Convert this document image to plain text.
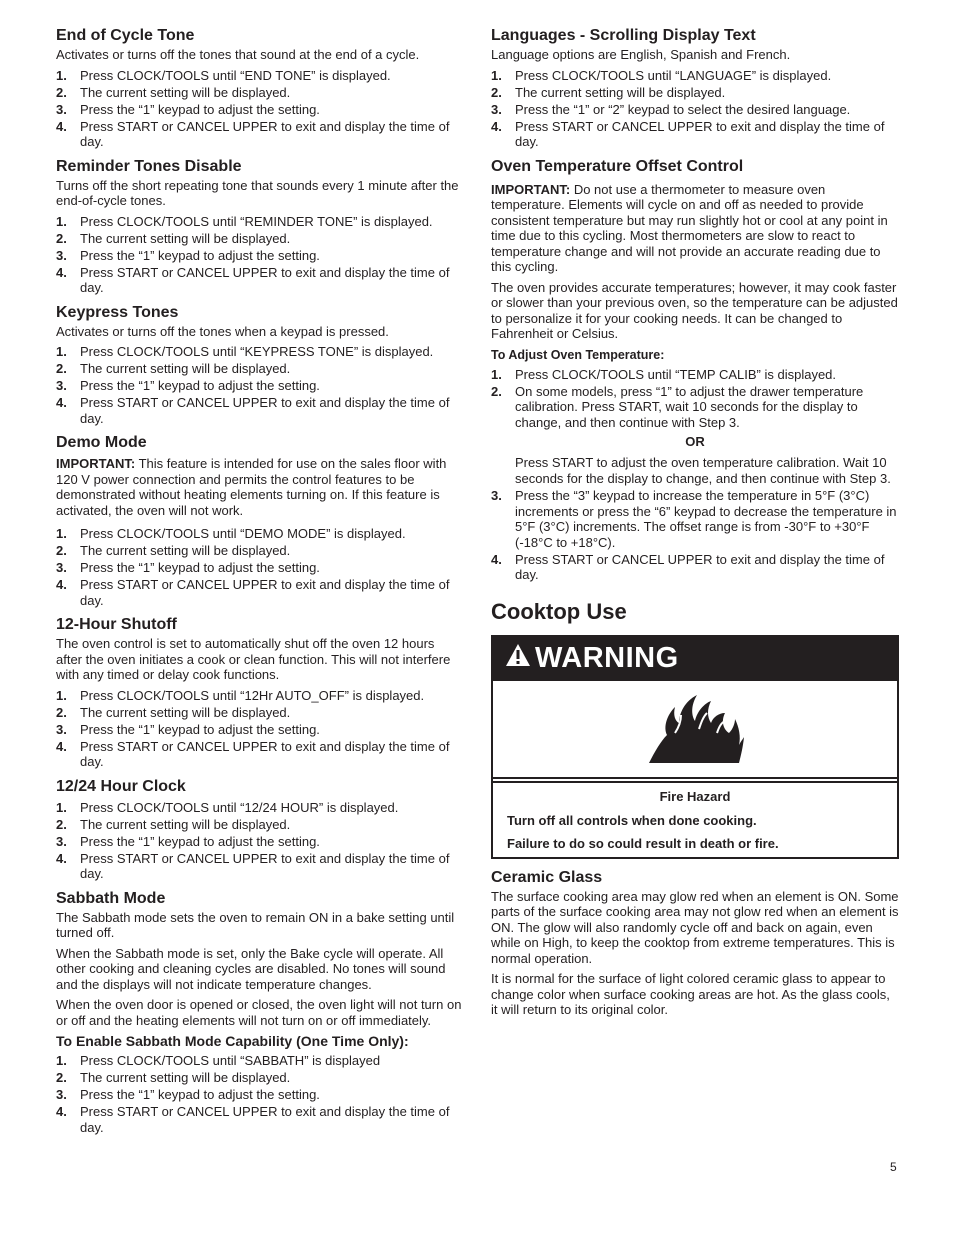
End of Cycle Tone

Activates or turns off the tones that sound at the end of a cycle.

1. Press CLOCK/TOOLS until “END TONE” is displayed.
2. The current setting will be displayed.
3. Press the “1” keypad to adjust the setting.
4. Press START or CANCEL UPPER to exit and display the time of day.
Reminder Tones Disable

Turns off the short repeating tone that sounds every 1 minute after the end-of-cycle tones.

1. Press CLOCK/TOOLS until “REMINDER TONE” is displayed.
2. The current setting will be displayed.
3. Press the “1” keypad to adjust the setting.
4. Press START or CANCEL UPPER to exit and display the time of day.
Keypress Tones

Activates or turns off the tones when a keypad is pressed.

1. Press CLOCK/TOOLS until “KEYPRESS TONE” is displayed.
2. The current setting will be displayed.
3. Press the “1” keypad to adjust the setting.
4. Press START or CANCEL UPPER to exit and display the time of day.
Demo Mode

IMPORTANT: This feature is intended for use on the sales floor with 120 V power connection and permits the control features to be demonstrated without heating elements turning on. If this feature is activated, the oven will not work.

1. Press CLOCK/TOOLS until “DEMO MODE” is displayed.
2. The current setting will be displayed.
3. Press the “1” keypad to adjust the setting.
4. Press START or CANCEL UPPER to exit and display the time of day.
12-Hour Shutoff

The oven control is set to automatically shut off the oven 12 hours after the oven initiates a cook or clean function. This will not interfere with any timed or delay cook functions.

1. Press CLOCK/TOOLS until “12Hr AUTO_OFF” is displayed.
2. The current setting will be displayed.
3. Press the “1” keypad to adjust the setting.
4. Press START or CANCEL UPPER to exit and display the time of day.
12/24 Hour Clock
1. Press CLOCK/TOOLS until “12/24 HOUR” is displayed.
2. The current setting will be displayed.
3. Press the “1” keypad to adjust the setting.
4. Press START or CANCEL UPPER to exit and display the time of day.
Sabbath Mode

The Sabbath mode sets the oven to remain ON in a bake setting until turned off.

When the Sabbath mode is set, only the Bake cycle will operate. All other cooking and cleaning cycles are disabled. No tones will sound and the displays will not indicate temperature changes.

When the oven door is opened or closed, the oven light will not turn on or off and the heating elements will not turn on or off immediately.

To Enable Sabbath Mode Capability (One Time Only):
1. Press CLOCK/TOOLS until “SABBATH” is displayed
2. The current setting will be displayed.
3. Press the “1” keypad to adjust the setting.
4. Press START or CANCEL UPPER to exit and display the time of day.
Languages - Scrolling Display Text

Language options are English, Spanish and French.

1. Press CLOCK/TOOLS until “LANGUAGE” is displayed.
2. The current setting will be displayed.
3. Press the “1” or “2” keypad to select the desired language.
4. Press START or CANCEL UPPER to exit and display the time of day.
Oven Temperature Offset Control

IMPORTANT: Do not use a thermometer to measure oven temperature. Elements will cycle on and off as needed to provide consistent temperature but may run slightly hot or cool at any point in time due to this cycling. Most thermometers are slow to react to temperature change and will not provide an accurate reading due to this cycling.

The oven provides accurate temperatures; however, it may cook faster or slower than your previous oven, so the temperature can be adjusted to personalize it for your cooking needs. It can be changed to Fahrenheit or Celsius.

To Adjust Oven Temperature:
1. Press CLOCK/TOOLS until “TEMP CALIB” is displayed.
2. On some models, press “1” to adjust the drawer temperature calibration. Press START, wait 10 seconds for the display to change, and then continue with Step 3.
OR
Press START to adjust the oven temperature calibration. Wait 10 seconds for the display to change, and then continue with Step 3.
3. Press the “3” keypad to increase the temperature in 5°F (3°C) increments or press the “6” keypad to decrease the temperature in 5°F (3°C) increments. The offset range is from -30°F to +30°F (-18°C to +18°C).
4. Press START or CANCEL UPPER to exit and display the time of day.
Cooktop Use
WARNING
Fire Hazard
Turn off all controls when done cooking.
Failure to do so could result in death or fire.
Ceramic Glass

The surface cooking area may glow red when an element is ON. Some parts of the surface cooking area may not glow red when an element is ON. The glow will also randomly cycle off and back on again, even while on High, to keep the cooktop from extreme temperatures. This is normal operation.

It is normal for the surface of light colored ceramic glass to appear to change color when surface cooking areas are hot. As the glass cools, it will return to its original color.

5
